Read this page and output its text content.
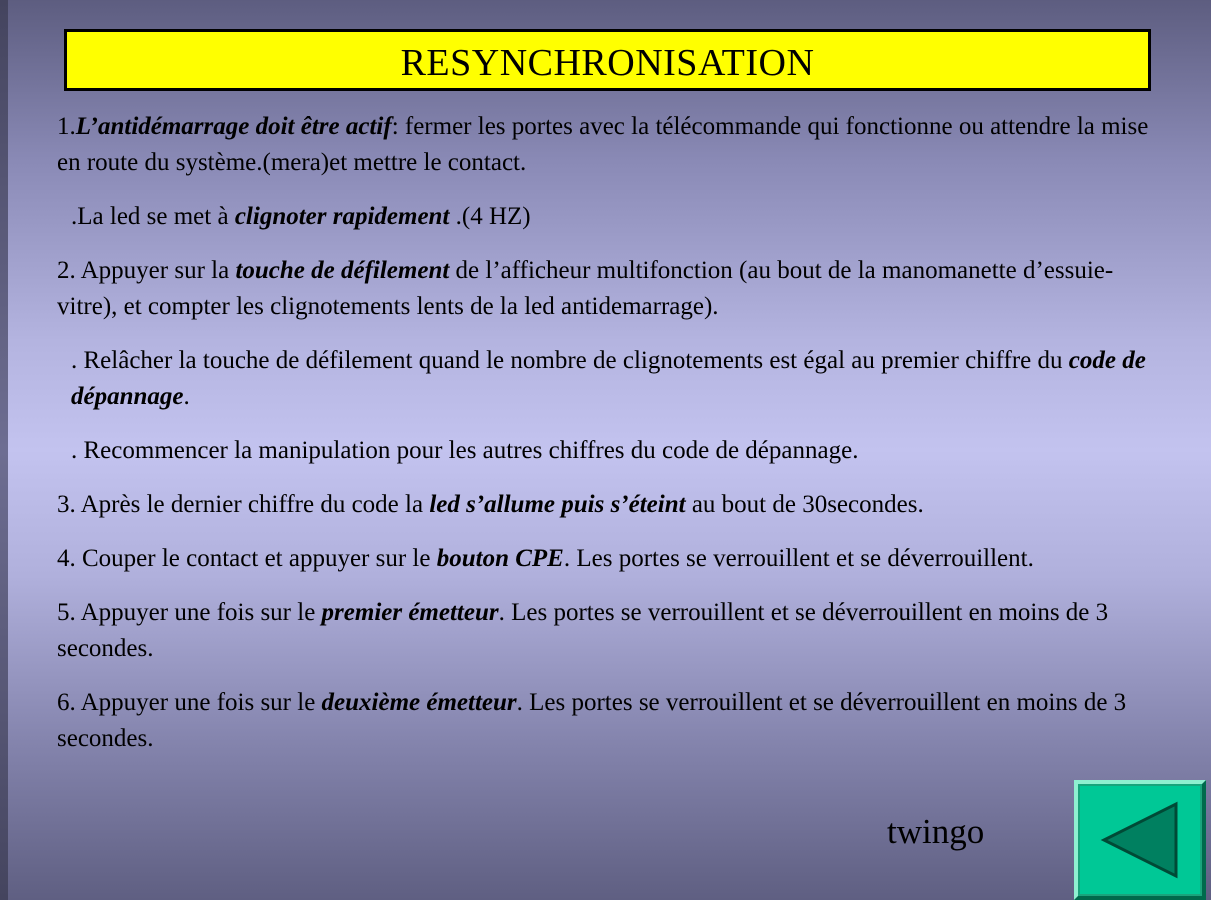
RESYNCHRONISATION

1.L’antidémarrage doit être actif: fermer les portes avec la télécommande qui fonctionne ou attendre la mise en route du système.(mera)et mettre le contact.

.La led se met à clignoter rapidement .(4 HZ)

2. Appuyer sur la touche de défilement de l’afficheur multifonction (au bout de la manomanette d’essuie-vitre), et compter les clignotements lents de la led antidemarrage).

. Relâcher la touche de défilement quand le nombre de clignotements est égal au premier chiffre du code de dépannage.

. Recommencer la manipulation pour les autres chiffres du code de dépannage.

3. Après le dernier chiffre du code la led s’allume puis s’éteint au bout de 30secondes.

4. Couper le contact et appuyer sur le bouton CPE. Les portes se verrouillent et se déverrouillent.

5. Appuyer une fois sur le premier émetteur. Les portes se verrouillent et se déverrouillent en moins de 3 secondes.

6. Appuyer une fois sur le deuxième émetteur. Les portes se verrouillent et se déverrouillent en moins de 3 secondes.

twingo
